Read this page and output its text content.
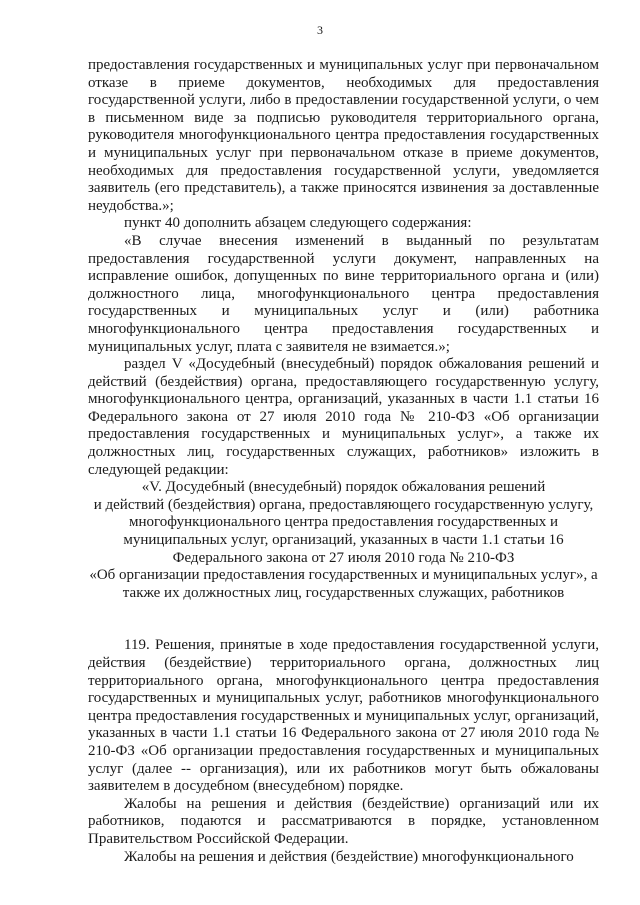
3

предоставления государственных и муниципальных услуг при первоначальном отказе в приеме документов, необходимых для предоставления государственной услуги, либо в предоставлении государственной услуги, о чем в письменном виде за подписью руководителя территориального органа, руководителя многофункционального центра предоставления государственных и муниципальных услуг при первоначальном отказе в приеме документов, необходимых для предоставления государственной услуги, уведомляется заявитель (его представитель), а также приносятся извинения за доставленные неудобства.»;

пункт 40 дополнить абзацем следующего содержания:

«В случае внесения изменений в выданный по результатам предоставления государственной услуги документ, направленных на исправление ошибок, допущенных по вине территориального органа и (или) должностного лица, многофункционального центра предоставления государственных и муниципальных услуг и (или) работника многофункционального центра предоставления государственных и муниципальных услуг, плата с заявителя не взимается.»;

раздел V «Досудебный (внесудебный) порядок обжалования решений и действий (бездействия) органа, предоставляющего государственную услугу, многофункционального центра, организаций, указанных в части 1.1 статьи 16 Федерального закона от 27 июля 2010 года № 210-ФЗ «Об организации предоставления государственных и муниципальных услуг», а также их должностных лиц, государственных служащих, работников» изложить в следующей редакции:

«V. Досудебный (внесудебный) порядок обжалования решений

и действий (бездействия) органа, предоставляющего государственную услугу,

многофункционального центра предоставления государственных и

муниципальных услуг, организаций, указанных в части 1.1 статьи 16

Федерального закона от 27 июля 2010 года № 210-ФЗ

«Об организации предоставления государственных и муниципальных услуг», а

также их должностных лиц, государственных служащих, работников

119. Решения, принятые в ходе предоставления государственной услуги, действия (бездействие) территориального органа, должностных лиц территориального органа, многофункционального центра предоставления государственных и муниципальных услуг, работников многофункционального центра предоставления государственных и муниципальных услуг, организаций, указанных в части 1.1 статьи 16 Федерального закона от 27 июля 2010 года № 210-ФЗ «Об организации предоставления государственных и муниципальных услуг (далее -- организация), или их работников могут быть обжалованы заявителем в досудебном (внесудебном) порядке.

Жалобы на решения и действия (бездействие) организаций или их работников, подаются и рассматриваются в порядке, установленном Правительством Российской Федерации.

Жалобы на решения и действия (бездействие) многофункционального
